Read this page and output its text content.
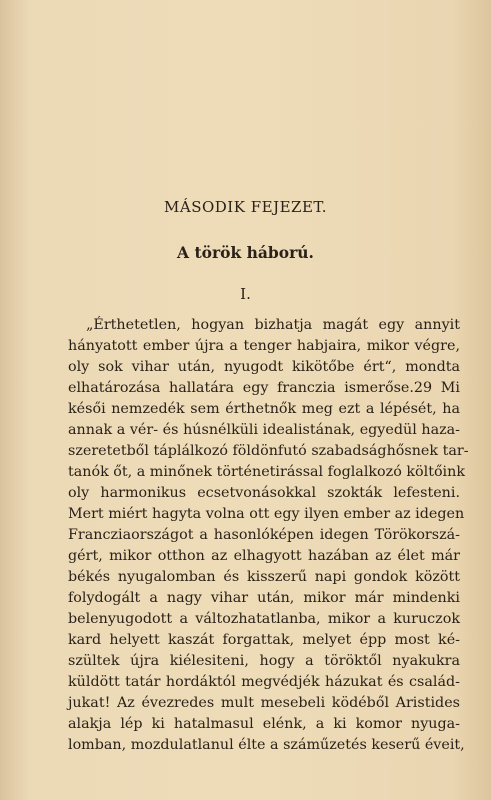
MÁSODIK FEJEZET.
A török háború.
I.
„Érthetetlen, hogyan bizhatja magát egy annyit
hányatott ember újra a tenger habjaira, mikor végre,
oly sok vihar után, nyugodt kikötőbe ért“, mondta
elhatározása hallatára egy franczia ismerőse.29 Mi
késői nemzedék sem érthetnők meg ezt a lépését, ha
annak a vér- és húsnélküli idealistának, egyedül haza-
szeretetből táplálkozó földönfutó szabadsághősnek tar-
tanók őt, a minőnek történetirással foglalkozó költőink
oly harmonikus ecsetvonásokkal szokták lefesteni.
Mert miért hagyta volna ott egy ilyen ember az idegen
Francziaországot a hasonlóképen idegen Törökorszá-
gért, mikor otthon az elhagyott hazában az élet már
békés nyugalomban és kisszerű napi gondok között
folydogált a nagy vihar után, mikor már mindenki
belenyugodott a változhatatlanba, mikor a kuruczok
kard helyett kaszát forgattak, melyet épp most ké-
szültek újra kiélesiteni, hogy a töröktől nyakukra
küldött tatár hordáktól megvédjék házukat és család-
jukat! Az évezredes mult mesebeli ködéből Aristides
alakja lép ki hatalmasul elénk, a ki komor nyuga-
lomban, mozdulatlanul élte a száműzetés keserű éveit,
